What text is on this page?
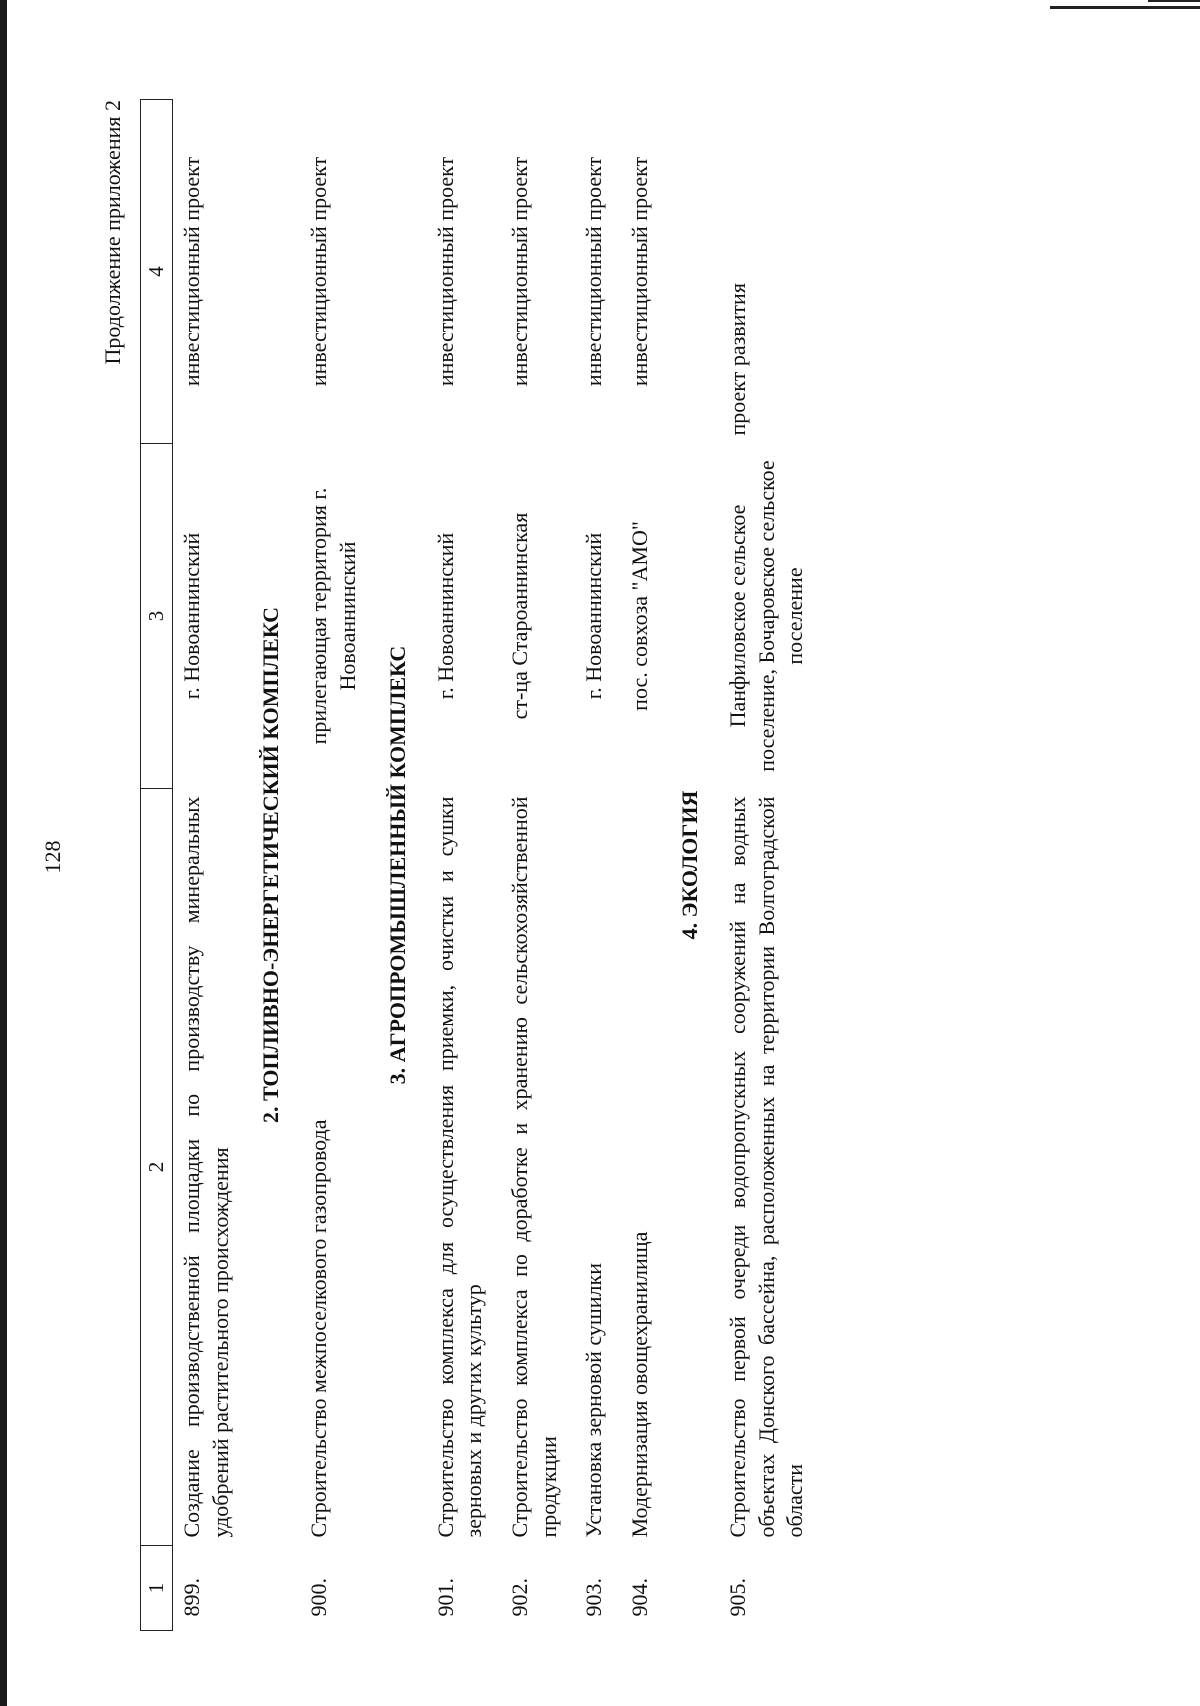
128
Продолжение приложения 2
1	2	3	4
899.	Создание производственной площадки по производству минеральных удобрений растительного происхождения	г. Новоаннинский	инвестиционный проект
2. ТОПЛИВНО-ЭНЕРГЕТИЧЕСКИЙ КОМПЛЕКС			
900.	Строительство межпоселкового газопровода	прилегающая территория г. Новоаннинский	инвестиционный проект
3. АГРОПРОМЫШЛЕННЫЙ КОМПЛЕКС			
901.	Строительство комплекса для осуществления приемки, очистки и сушки зерновых и других культур	г. Новоаннинский	инвестиционный проект
902.	Строительство комплекса по доработке и хранению сельскохозяйственной продукции	ст-ца Староаннинская	инвестиционный проект
903.	Установка зерновой сушилки	г. Новоаннинский	инвестиционный проект
904.	Модернизация овощехранилища	пос. совхоза "АМО"	инвестиционный проект
4. ЭКОЛОГИЯ			
905.	Строительство первой очереди водопропускных сооружений на водных объектах Донского бассейна, расположенных на территории Волгоградской области	Панфиловское сельское поселение, Бочаровское сельское поселение	проект развития
